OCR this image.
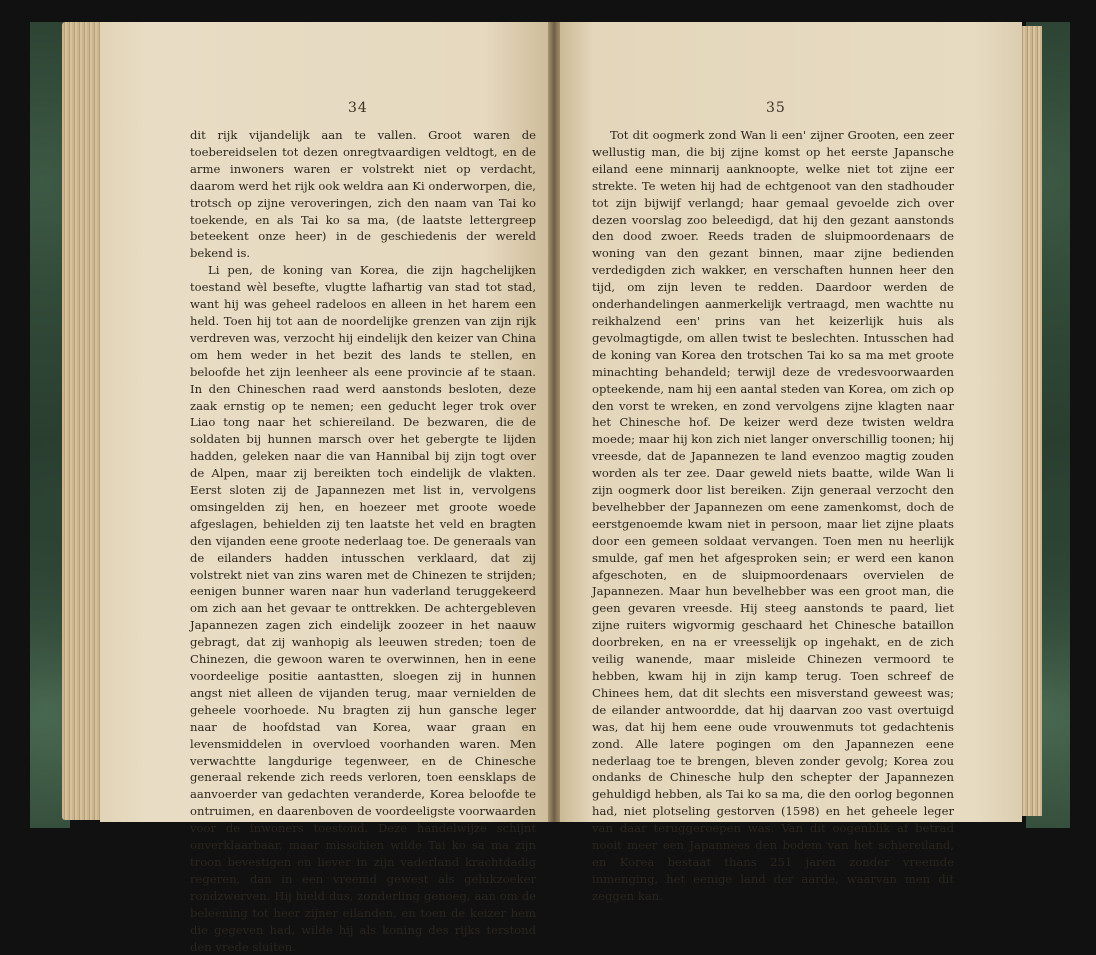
34

dit rijk vijandelijk aan te vallen. Groot waren de toebereidselen tot dezen onregtvaardigen veldtogt, en de arme inwoners waren er volstrekt niet op verdacht, daarom werd het rijk ook weldra aan Ki onderworpen, die, trotsch op zijne veroveringen, zich den naam van Tai ko toekende, en als Tai ko sa ma, (de laatste lettergreep beteekent onze heer) in de geschiedenis der wereld bekend is.

Li pen, de koning van Korea, die zijn hagchelijken toestand wèl besefte, vlugtte lafhartig van stad tot stad, want hij was geheel radeloos en alleen in het harem een held. Toen hij tot aan de noordelijke grenzen van zijn rijk verdreven was, verzocht hij eindelijk den keizer van China om hem weder in het bezit des lands te stellen, en beloofde het zijn leenheer als eene provincie af te staan. In den Chineschen raad werd aanstonds besloten, deze zaak ernstig op te nemen; een geducht leger trok over Liao tong naar het schiereiland. De bezwaren, die de soldaten bij hunnen marsch over het gebergte te lijden hadden, geleken naar die van Hannibal bij zijn togt over de Alpen, maar zij bereikten toch eindelijk de vlakten. Eerst sloten zij de Japannezen met list in, vervolgens omsingelden zij hen, en hoezeer met groote woede afgeslagen, behielden zij ten laatste het veld en bragten den vijanden eene groote nederlaag toe. De generaals van de eilanders hadden intusschen verklaard, dat zij volstrekt niet van zins waren met de Chinezen te strijden; eenigen bunner waren naar hun vaderland teruggekeerd om zich aan het gevaar te onttrekken. De achtergebleven Japannezen zagen zich eindelijk zoozeer in het naauw gebragt, dat zij wanhopig als leeuwen streden; toen de Chinezen, die gewoon waren te overwinnen, hen in eene voordeelige positie aantastten, sloegen zij in hunnen angst niet alleen de vijanden terug, maar vernielden de geheele voorhoede. Nu bragten zij hun gansche leger naar de hoofdstad van Korea, waar graan en levensmiddelen in overvloed voorhanden waren. Men verwachtte langdurige tegenweer, en de Chinesche generaal rekende zich reeds verloren, toen eensklaps de aanvoerder van gedachten veranderde, Korea beloofde te ontruimen, en daarenboven de voordeeligste voorwaarden voor de inwoners toestond. Deze handelwijze schijnt onverklaarbaar, maar misschien wilde Tai ko sa ma zijn troon bevestigen en liever in zijn vaderland krachtdadig regeren, dan in een vreemd gewest als gelukzoeker rondzwerven. Hij hield dus, zonderling genoeg, aan om de beleening tot heer zijner eilanden, en toen de keizer hem die gegeven had, wilde hij als koning des rijks terstond den vrede sluiten.

35

Tot dit oogmerk zond Wan li een' zijner Grooten, een zeer wellustig man, die bij zijne komst op het eerste Japansche eiland eene minnarij aanknoopte, welke niet tot zijne eer strekte. Te weten hij had de echtgenoot van den stadhouder tot zijn bijwijf verlangd; haar gemaal gevoelde zich over dezen voorslag zoo beleedigd, dat hij den gezant aanstonds den dood zwoer. Reeds traden de sluipmoordenaars de woning van den gezant binnen, maar zijne bedienden verdedigden zich wakker, en verschaften hunnen heer den tijd, om zijn leven te redden. Daardoor werden de onderhandelingen aanmerkelijk vertraagd, men wachtte nu reikhalzend een' prins van het keizerlijk huis als gevolmagtigde, om allen twist te beslechten. Intusschen had de koning van Korea den trotschen Tai ko sa ma met groote minachting behandeld; terwijl deze de vredesvoorwaarden opteekende, nam hij een aantal steden van Korea, om zich op den vorst te wreken, en zond vervolgens zijne klagten naar het Chinesche hof. De keizer werd deze twisten weldra moede; maar hij kon zich niet langer onverschillig toonen; hij vreesde, dat de Japannezen te land evenzoo magtig zouden worden als ter zee. Daar geweld niets baatte, wilde Wan li zijn oogmerk door list bereiken. Zijn generaal verzocht den bevelhebber der Japannezen om eene zamenkomst, doch de eerstgenoemde kwam niet in persoon, maar liet zijne plaats door een gemeen soldaat vervangen. Toen men nu heerlijk smulde, gaf men het afgesproken sein; er werd een kanon afgeschoten, en de sluipmoordenaars overvielen de Japannezen. Maar hun bevelhebber was een groot man, die geen gevaren vreesde. Hij steeg aanstonds te paard, liet zijne ruiters wigvormig geschaard het Chinesche bataillon doorbreken, en na er vreesselijk op ingehakt, en de zich veilig wanende, maar misleide Chinezen vermoord te hebben, kwam hij in zijn kamp terug. Toen schreef de Chinees hem, dat dit slechts een misverstand geweest was; de eilander antwoordde, dat hij daarvan zoo vast overtuigd was, dat hij hem eene oude vrouwenmuts tot gedachtenis zond. Alle latere pogingen om den Japannezen eene nederlaag toe te brengen, bleven zonder gevolg; Korea zou ondanks de Chinesche hulp den schepter der Japannezen gehuldigd hebben, als Tai ko sa ma, die den oorlog begonnen had, niet plotseling gestorven (1598) en het geheele leger van daar teruggeroepen was. Van dit oogenblik af betrad nooit meer een Japannees den bodem van het schiereiland, en Korea bestaat thans 251 jaren zonder vreemde inmenging, het eenige land der aarde, waarvan men dit zeggen kan.
